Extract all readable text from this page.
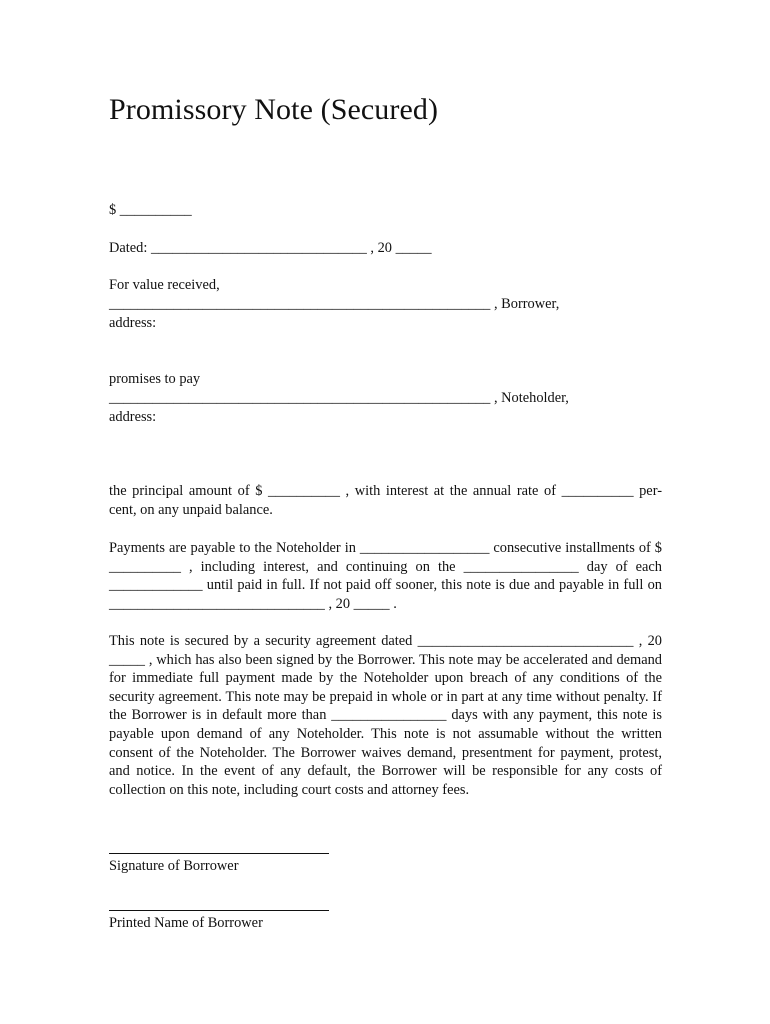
Promissory Note (Secured)
$ __________
Dated: ______________________________ , 20 _____
For value received,
_____________________________________________________ , Borrower,
address:
promises to pay
_____________________________________________________ , Noteholder,
address:

the principal amount of $ __________ , with interest at the annual rate of __________ per- cent, on any unpaid balance.

Payments are payable to the Noteholder in __________________ consecutive installments of $ __________ , including interest, and continuing on the ________________ day of each _____________ until paid in full. If not paid off sooner, this note is due and payable in full on ______________________________ , 20 _____ .

This note is secured by a security agreement dated ______________________________ , 20 _____ , which has also been signed by the Borrower. This note may be accelerated and demand for immediate full payment made by the Noteholder upon breach of any conditions of the security agreement. This note may be prepaid in whole or in part at any time without penalty. If the Borrower is in default more than ________________ days with any payment, this note is payable upon demand of any Noteholder. This note is not assumable without the written consent of the Noteholder. The Borrower waives demand, presentment for payment, protest, and notice. In the event of any default, the Borrower will be responsible for any costs of collection on this note, including court costs and attorney fees.

Signature of Borrower
Printed Name of Borrower
